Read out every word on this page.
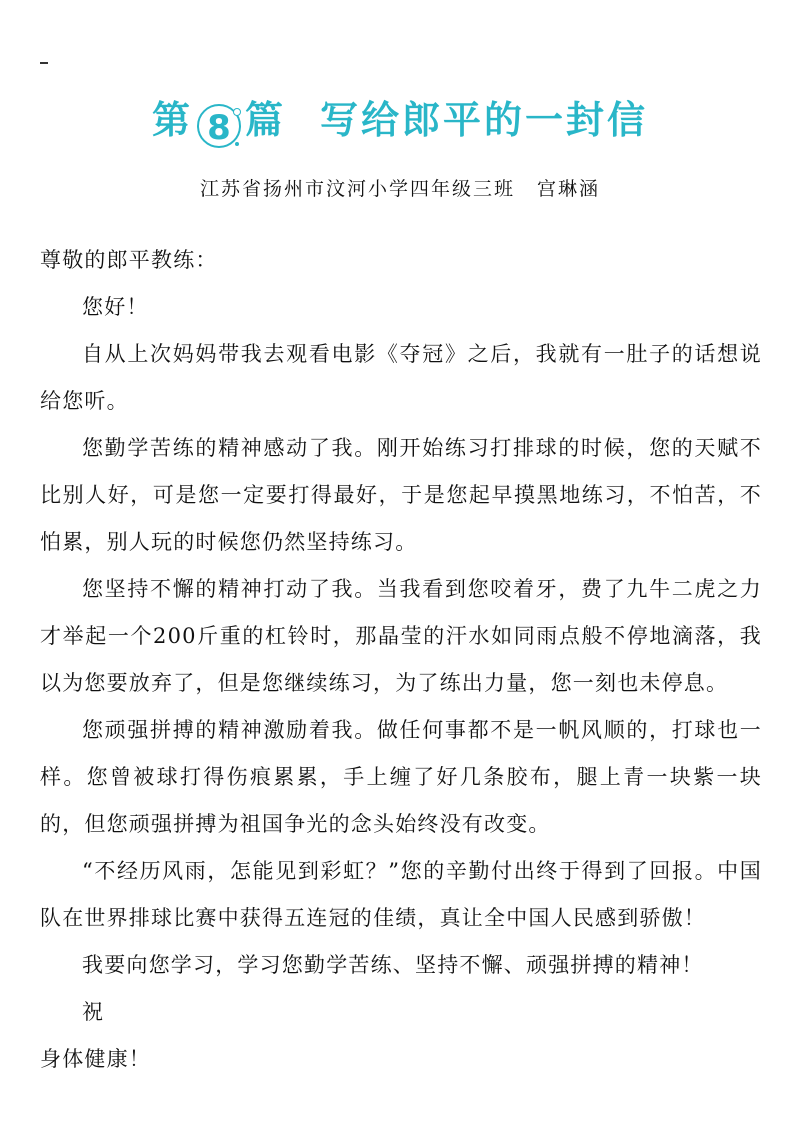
第 8 篇 写给郎平的一封信
江苏省扬州市汶河小学四年级三班 宫琳涵

尊敬的郎平教练：

您好！

自从上次妈妈带我去观看电影《夺冠》之后，我就有一肚子的话想说给您听。

您勤学苦练的精神感动了我。刚开始练习打排球的时候，您的天赋不比别人好，可是您一定要打得最好，于是您起早摸黑地练习，不怕苦，不怕累，别人玩的时候您仍然坚持练习。

您坚持不懈的精神打动了我。当我看到您咬着牙，费了九牛二虎之力才举起一个200斤重的杠铃时，那晶莹的汗水如同雨点般不停地滴落，我以为您要放弃了，但是您继续练习，为了练出力量，您一刻也未停息。

您顽强拼搏的精神激励着我。做任何事都不是一帆风顺的，打球也一样。您曾被球打得伤痕累累，手上缠了好几条胶布，腿上青一块紫一块的，但您顽强拼搏为祖国争光的念头始终没有改变。

“不经历风雨，怎能见到彩虹？”您的辛勤付出终于得到了回报。中国队在世界排球比赛中获得五连冠的佳绩，真让全中国人民感到骄傲！

我要向您学习，学习您勤学苦练、坚持不懈、顽强拼搏的精神！

祝

身体健康！
